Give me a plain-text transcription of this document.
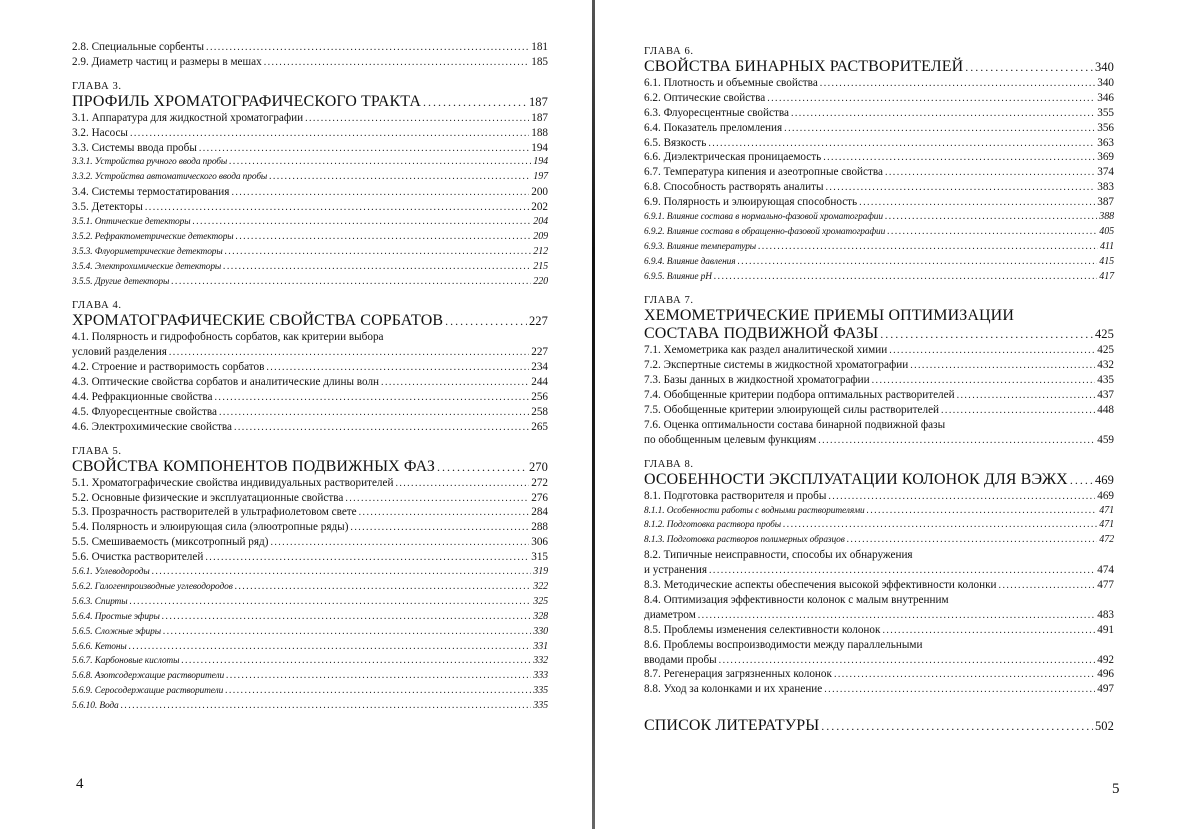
2.8. Специальные сорбенты .....	181
2.9. Диаметр частиц и размеры в мешах .....	185
ГЛАВА 3.
ПРОФИЛЬ ХРОМАТОГРАФИЧЕСКОГО ТРАКТА .....	187
3.1. Аппаратура для жидкостной хроматографии .....	187
3.2. Насосы .....	188
3.3. Системы ввода пробы .....	194
3.3.1. Устройства ручного ввода пробы .....	194
3.3.2. Устройства автоматического ввода пробы .....	197
3.4. Системы термостатирования .....	200
3.5. Детекторы .....	202
3.5.1. Оптические детекторы .....	204
3.5.2. Рефрактометрические детекторы .....	209
3.5.3. Флуориметрические детекторы .....	212
3.5.4. Электрохимические детекторы .....	215
3.5.5. Другие детекторы .....	220
ГЛАВА 4.
ХРОМАТОГРАФИЧЕСКИЕ СВОЙСТВА СОРБАТОВ .....	227
4.1. Полярность и гидрофобность сорбатов, как критерии выбора
условий разделения .....	227
4.2. Строение и растворимость сорбатов .....	234
4.3. Оптические свойства сорбатов и аналитические длины волн .....	244
4.4. Рефракционные свойства .....	256
4.5. Флуоресцентные свойства .....	258
4.6. Электрохимические свойства .....	265
ГЛАВА 5.
СВОЙСТВА КОМПОНЕНТОВ ПОДВИЖНЫХ ФАЗ .....	270
5.1. Хроматографические свойства индивидуальных растворителей .....	272
5.2. Основные физические и эксплуатационные свойства .....	276
5.3. Прозрачность растворителей в ультрафиолетовом свете .....	284
5.4. Полярность и элюирующая сила (элюотропные ряды) .....	288
5.5. Смешиваемость (миксотропный ряд) .....	306
5.6. Очистка растворителей .....	315
5.6.1. Углеводороды .....	319
5.6.2. Галогенпроизводные углеводородов .....	322
5.6.3. Спирты .....	325
5.6.4. Простые эфиры .....	328
5.6.5. Сложные эфиры .....	330
5.6.6. Кетоны .....	331
5.6.7. Карбоновые кислоты .....	332
5.6.8. Азотсодержащие растворители .....	333
5.6.9. Серосодержащие растворители .....	335
5.6.10. Вода .....	335
4
ГЛАВА 6.
СВОЙСТВА БИНАРНЫХ РАСТВОРИТЕЛЕЙ .....	340
6.1. Плотность и объемные свойства .....	340
6.2. Оптические свойства .....	346
6.3. Флуоресцентные свойства .....	355
6.4. Показатель преломления .....	356
6.5. Вязкость .....	363
6.6. Диэлектрическая проницаемость .....	369
6.7. Температура кипения и азеотропные свойства .....	374
6.8. Способность растворять аналиты .....	383
6.9. Полярность и элюирующая способность .....	387
6.9.1. Влияние состава в нормально-фазовой хроматографии .....	388
6.9.2. Влияние состава в обращенно-фазовой хроматографии .....	405
6.9.3. Влияние температуры .....	411
6.9.4. Влияние давления .....	415
6.9.5. Влияние pH .....	417
ГЛАВА 7.
ХЕМОМЕТРИЧЕСКИЕ ПРИЕМЫ ОПТИМИЗАЦИИ
СОСТАВА ПОДВИЖНОЙ ФАЗЫ .....	425
7.1. Хемометрика как раздел аналитической химии .....	425
7.2. Экспертные системы в жидкостной хроматографии .....	432
7.3. Базы данных в жидкостной хроматографии .....	435
7.4. Обобщенные критерии подбора оптимальных растворителей .....	437
7.5. Обобщенные критерии элюирующей силы растворителей .....	448
7.6. Оценка оптимальности состава бинарной подвижной фазы
по обобщенным целевым функциям .....	459
ГЛАВА 8.
ОСОБЕННОСТИ ЭКСПЛУАТАЦИИ КОЛОНОК ДЛЯ ВЭЖХ ..... 469
8.1. Подготовка растворителя и пробы .....	469
8.1.1. Особенности работы с водными растворителями .....	471
8.1.2. Подготовка раствора пробы .....	471
8.1.3. Подготовка растворов полимерных образцов .....	472
8.2. Типичные неисправности, способы их обнаружения
и устранения .....	474
8.3. Методические аспекты обеспечения высокой эффективности колонки .....	477
8.4. Оптимизация эффективности колонок с малым внутренним
диаметром .....	483
8.5. Проблемы изменения селективности колонок .....	491
8.6. Проблемы воспроизводимости между параллельными
вводами пробы .....	492
8.7. Регенерация загрязненных колонок .....	496
8.8. Уход за колонками и их хранение .....	497
СПИСОК ЛИТЕРАТУРЫ .....	502
5
